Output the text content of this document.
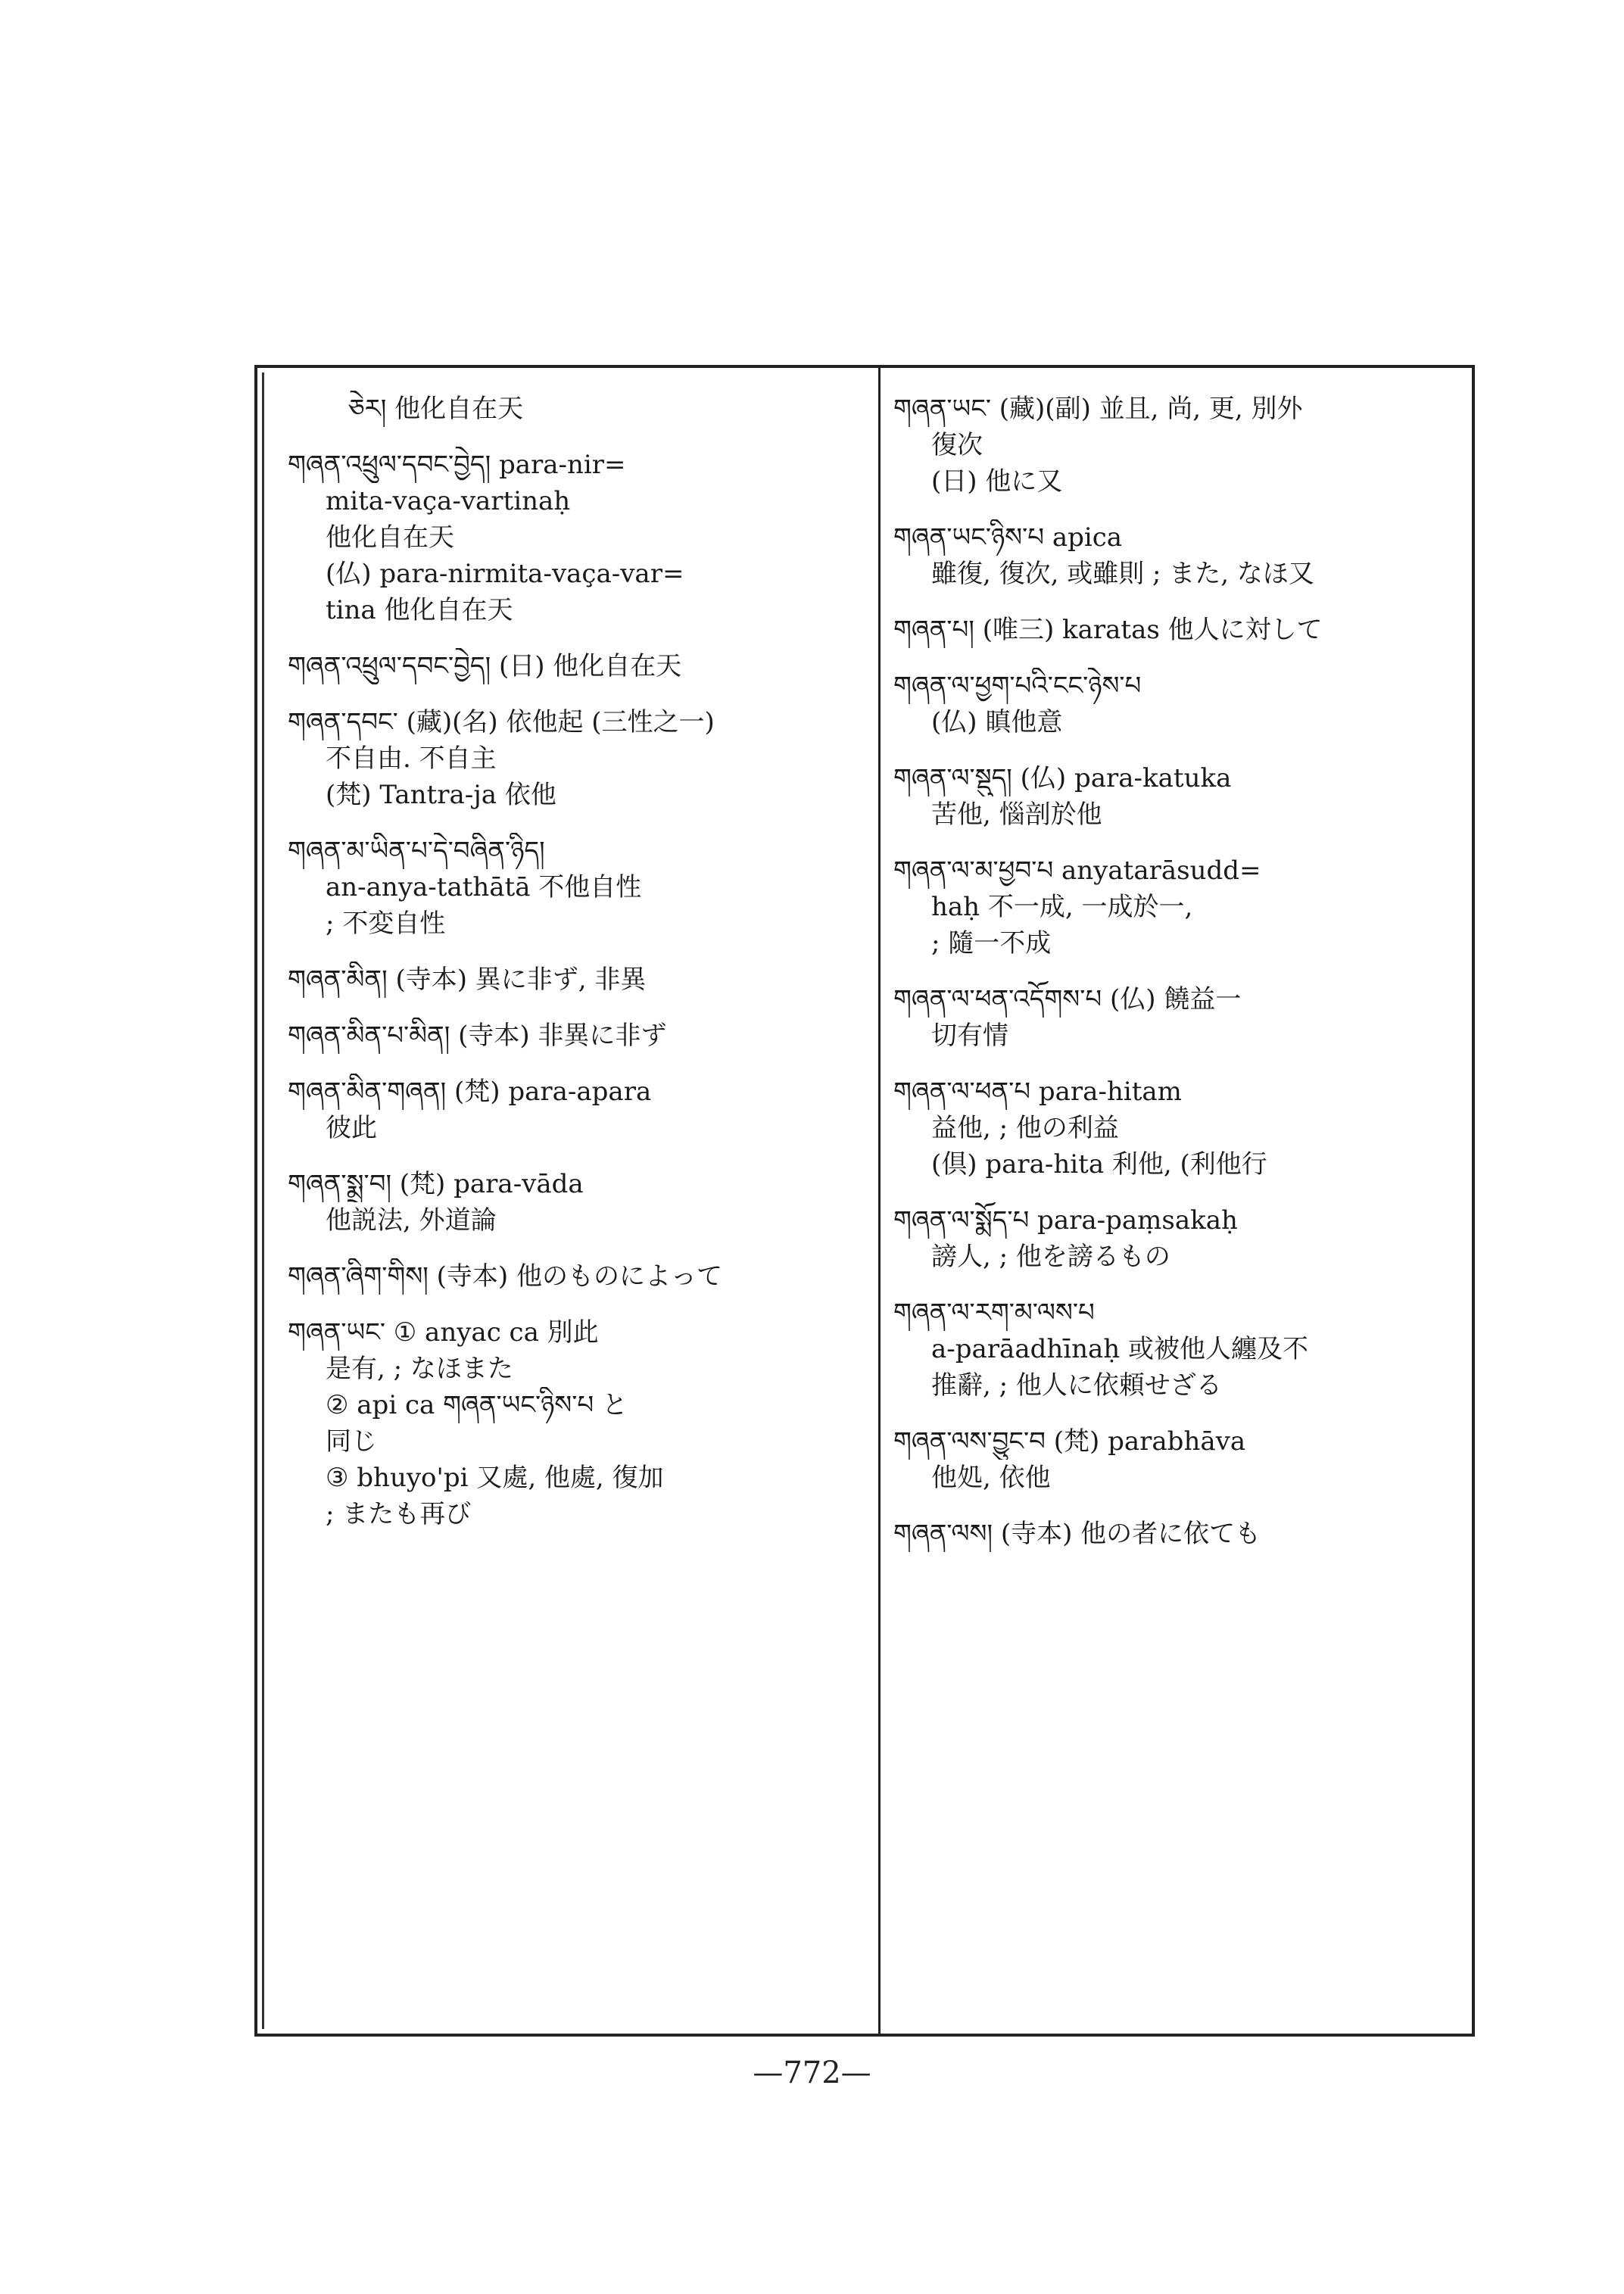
ཅེར། 他化自在天
གཞན་འཕྲུལ་དབང་བྱེད། para-nir=
mita-vaça-vartinaḥ
他化自在天
(仏) para-nirmita-vaça-var=
tina 他化自在天
གཞན་འཕྲུལ་དབང་བྱེད། (日) 他化自在天
གཞན་དབང་ (藏)(名) 依他起 (三性之一)
不自由. 不自主
(梵) Tantra-ja 依他
གཞན་མ་ཡིན་པ་དེ་བཞིན་ཉིད།
an-anya-tathātā 不他自性
; 不変自性
གཞན་མིན། (寺本) 異に非ず, 非異
གཞན་མིན་པ་མིན། (寺本) 非異に非ず
གཞན་མིན་གཞན། (梵) para-apara
彼此
གཞན་སྨྲ་བ། (梵) para-vāda
他説法, 外道論
གཞན་ཞིག་གིས། (寺本) 他のものによって
གཞན་ཡང་ ① anyac ca 別此
是有, ; なほまた
② api ca གཞན་ཡང་ཉིས་པ と
同じ
③ bhuyo'pi 又處, 他處, 復加
; またも再び
གཞན་ཡང་ (藏)(副) 並且, 尚, 更, 別外
復次
(日) 他に又
གཞན་ཡང་ཉིས་པ apica
雖復, 復次, 或雖則 ; また, なほ又
གཞན་པ། (唯三) karatas 他人に対して
གཞན་ལ་ཕྱག་པའི་ངང་ཉེས་པ
(仏) 瞋他意
གཞན་ལ་སྡུད། (仏) para-katuka
苦他, 惱剖於他
གཞན་ལ་མ་ཕྱབ་པ anyatarāsudd=
haḥ 不一成, 一成於一,
; 隨一不成
གཞན་ལ་ཕན་འདོགས་པ (仏) 饒益一
切有情
གཞན་ལ་ཕན་པ para-hitam
益他, ; 他の利益
(倶) para-hita 利他, (利他行
གཞན་ལ་སྨོད་པ para-paṃsakaḥ
謗人, ; 他を謗るもの
གཞན་ལ་རག་མ་ལས་པ
a-parāadhīnaḥ 或被他人纏及不
推辭, ; 他人に依頼せざる
གཞན་ལས་བྱུང་བ (梵) parabhāva
他処, 依他
གཞན་ལས། (寺本) 他の者に依ても
—772—
